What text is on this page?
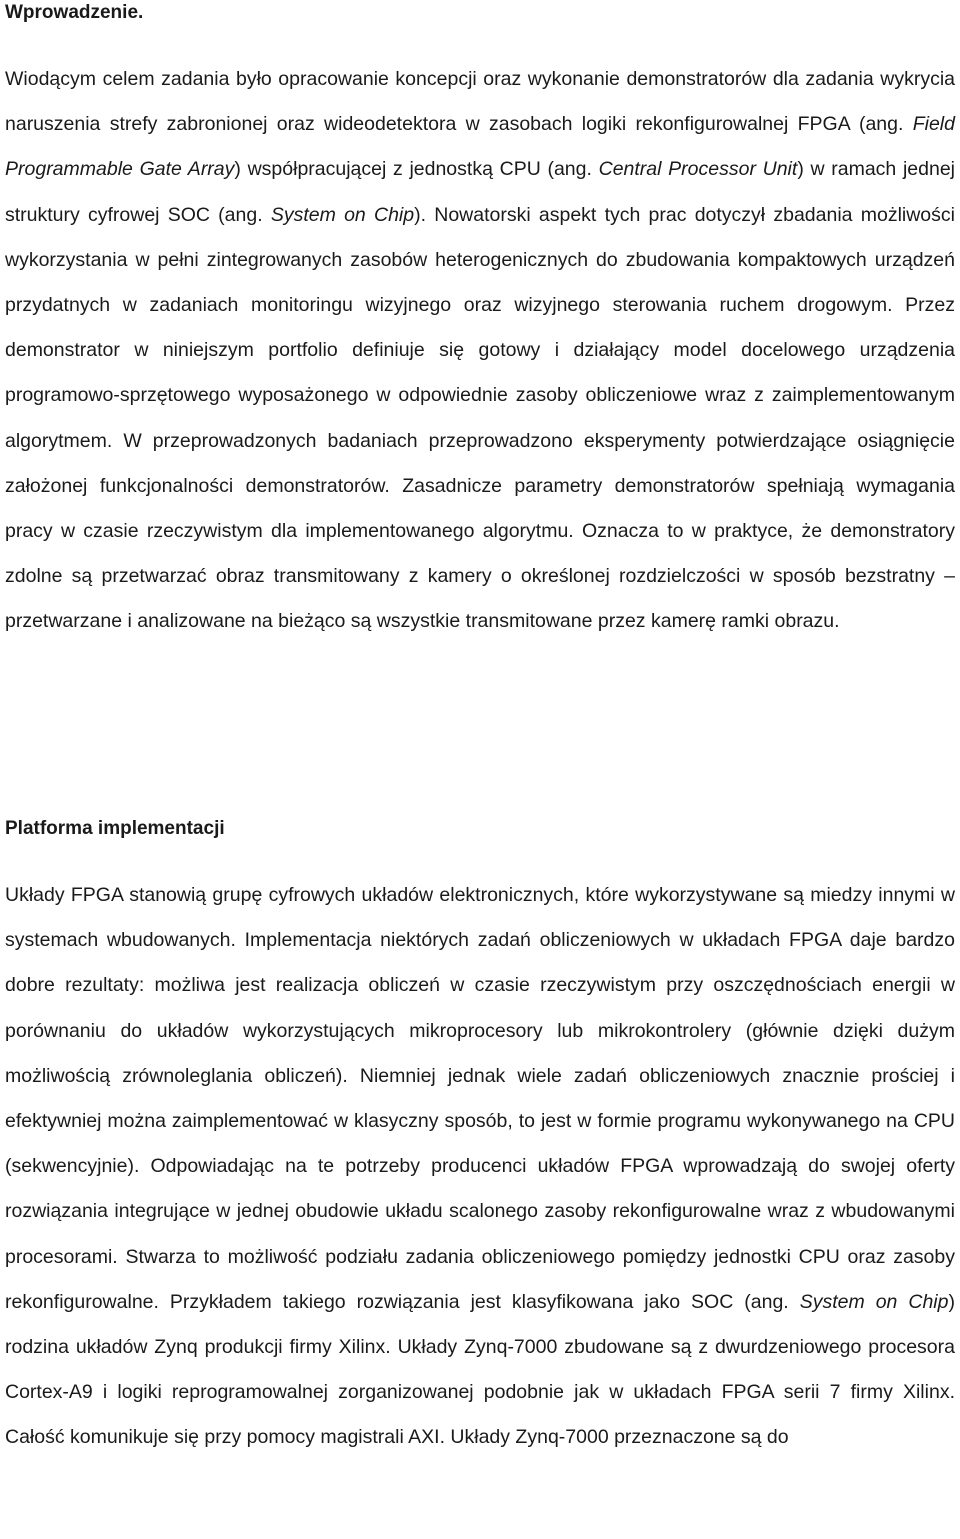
Wprowadzenie.

Wiodącym celem zadania było opracowanie koncepcji oraz wykonanie demonstratorów dla zadania wykrycia naruszenia strefy zabronionej oraz wideodetektora w zasobach logiki rekonfigurowalnej FPGA (ang. Field Programmable Gate Array) współpracującej z jednostką CPU (ang. Central Processor Unit) w ramach jednej struktury cyfrowej SOC (ang. System on Chip). Nowatorski aspekt tych prac dotyczył zbadania możliwości wykorzystania w pełni zintegrowanych zasobów heterogenicznych do zbudowania kompaktowych urządzeń przydatnych w zadaniach monitoringu wizyjnego oraz wizyjnego sterowania ruchem drogowym. Przez demonstrator w niniejszym portfolio definiuje się gotowy i działający model docelowego urządzenia programowo-sprzętowego wyposażonego w odpowiednie zasoby obliczeniowe wraz z zaimplementowanym algorytmem. W przeprowadzonych badaniach przeprowadzono eksperymenty potwierdzające osiągnięcie założonej funkcjonalności demonstratorów. Zasadnicze parametry demonstratorów spełniają wymagania pracy w czasie rzeczywistym dla implementowanego algorytmu. Oznacza to w praktyce, że demonstratory zdolne są przetwarzać obraz transmitowany z kamery o określonej rozdzielczości w sposób bezstratny – przetwarzane i analizowane na bieżąco są wszystkie transmitowane przez kamerę ramki obrazu.

Platforma implementacji

Układy FPGA stanowią grupę cyfrowych układów elektronicznych, które wykorzystywane są miedzy innymi w systemach wbudowanych. Implementacja niektórych zadań obliczeniowych w układach FPGA daje bardzo dobre rezultaty: możliwa jest realizacja obliczeń w czasie rzeczywistym przy oszczędnościach energii w porównaniu do układów wykorzystujących mikroprocesory lub mikrokontrolery (głównie dzięki dużym możliwością zrównoleglania obliczeń). Niemniej jednak wiele zadań obliczeniowych znacznie prościej i efektywniej można zaimplementować w klasyczny sposób, to jest w formie programu wykonywanego na CPU (sekwencyjnie). Odpowiadając na te potrzeby producenci układów FPGA wprowadzają do swojej oferty rozwiązania integrujące w jednej obudowie układu scalonego zasoby rekonfigurowalne wraz z wbudowanymi procesorami. Stwarza to możliwość podziału zadania obliczeniowego pomiędzy jednostki CPU oraz zasoby rekonfigurowalne. Przykładem takiego rozwiązania jest klasyfikowana jako SOC (ang. System on Chip) rodzina układów Zynq produkcji firmy Xilinx. Układy Zynq-7000 zbudowane są z dwurdzeniowego procesora Cortex-A9 i logiki reprogramowalnej zorganizowanej podobnie jak w układach FPGA serii 7 firmy Xilinx. Całość komunikuje się przy pomocy magistrali AXI. Układy Zynq-7000 przeznaczone są do
